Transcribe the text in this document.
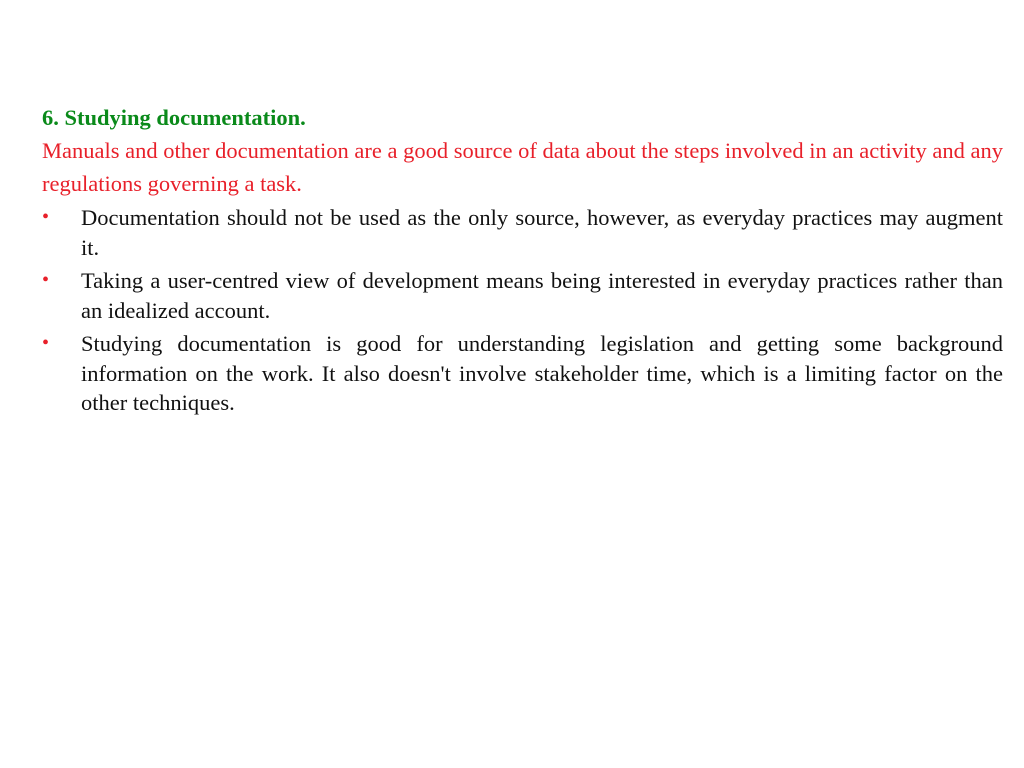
6. Studying documentation.

Manuals and other documentation are a good source of data about the steps involved in an activity and any regulations governing a task.

• Documentation should not be used as the only source, however, as everyday practices may augment it.
• Taking a user-centred view of development means being interested in everyday practices rather than an idealized account.
• Studying documentation is good for understanding legislation and getting some background information on the work. It also doesn't involve stakeholder time, which is a limiting factor on the other techniques.
